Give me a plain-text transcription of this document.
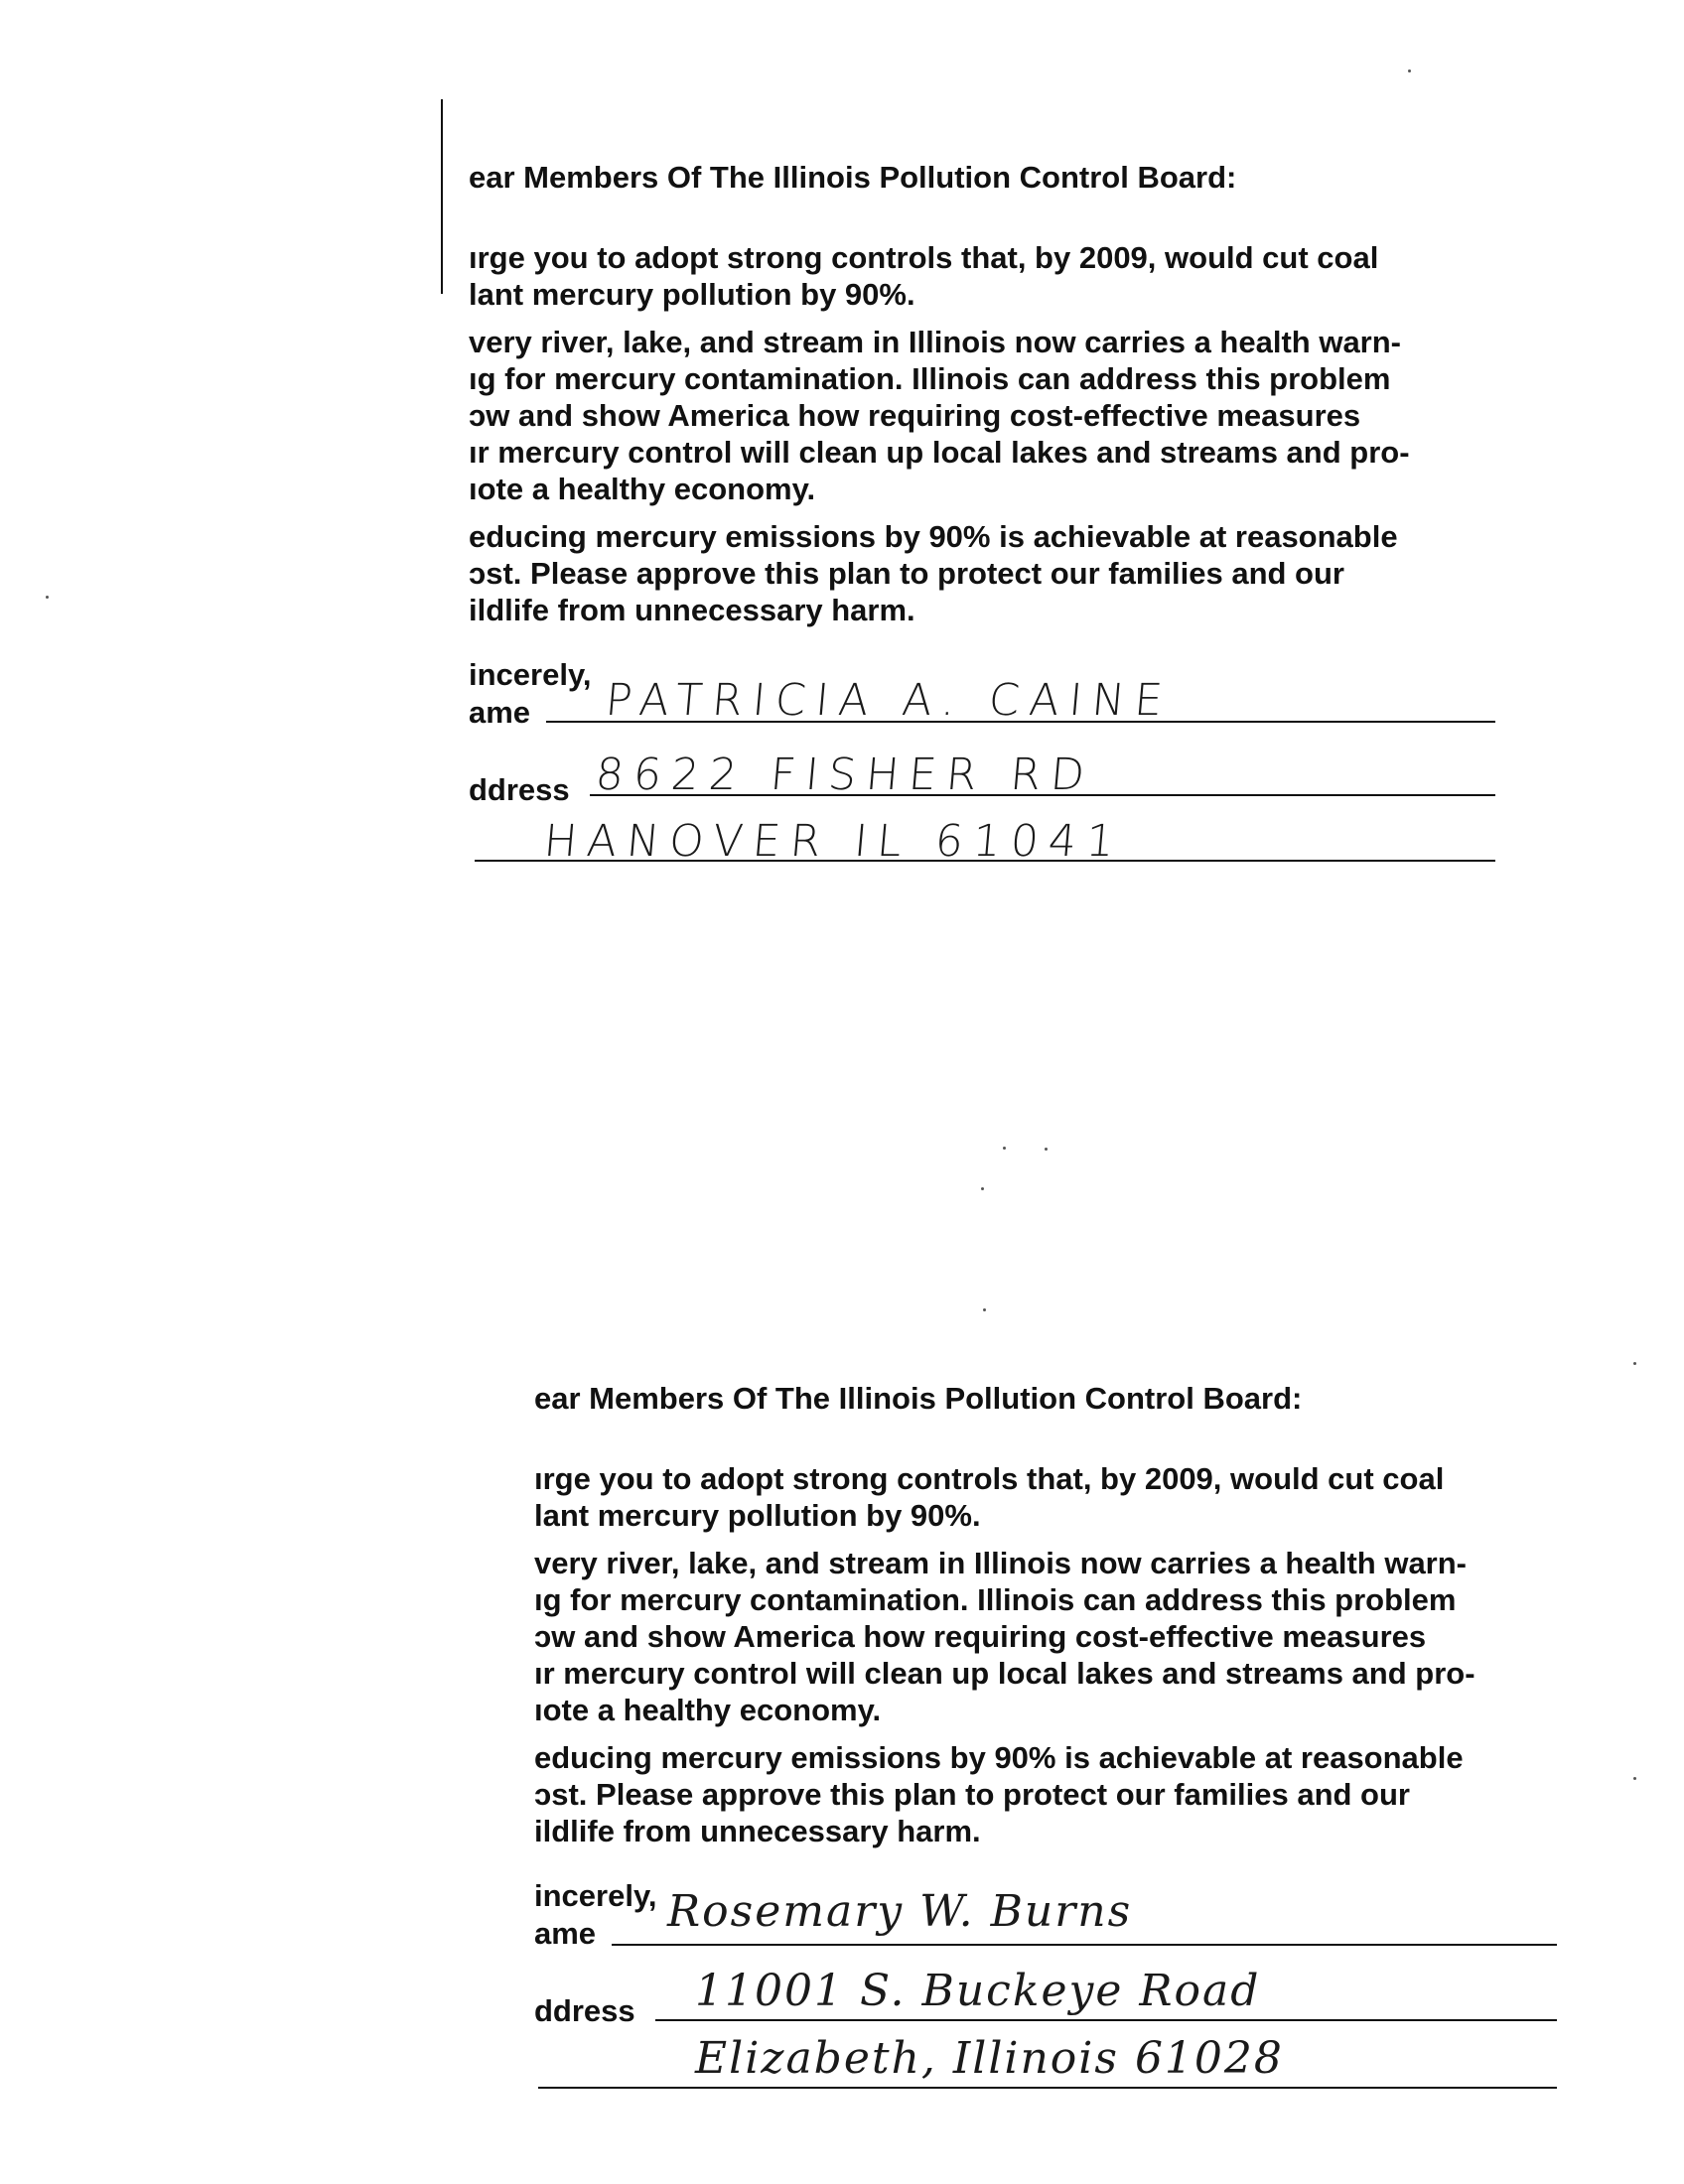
ear Members Of The Illinois Pollution Control Board:

ırge you to adopt strong controls that, by 2009, would cut coal

lant mercury pollution by 90%.

very river, lake, and stream in Illinois now carries a health warn-

ıg for mercury contamination. Illinois can address this problem

ɔw and show America how requiring cost-effective measures

ır mercury control will clean up local lakes and streams and pro-

ıote a healthy economy.

educing mercury emissions by 90% is achievable at reasonable

ɔst. Please approve this plan to protect our families and our

ildlife from unnecessary harm.

incerely,
ame PATRICIA A. CAINE
ddress 8622 FISHER RD
HANOVER IL 61041

ear Members Of The Illinois Pollution Control Board:

ırge you to adopt strong controls that, by 2009, would cut coal

lant mercury pollution by 90%.

very river, lake, and stream in Illinois now carries a health warn-

ıg for mercury contamination. Illinois can address this problem

ɔw and show America how requiring cost-effective measures

ır mercury control will clean up local lakes and streams and pro-

ıote a healthy economy.

educing mercury emissions by 90% is achievable at reasonable

ɔst. Please approve this plan to protect our families and our

ildlife from unnecessary harm.

incerely,
ame Rosemary W. Burns
ddress 11001 S. Buckeye Road
Elizabeth, Illinois 61028
